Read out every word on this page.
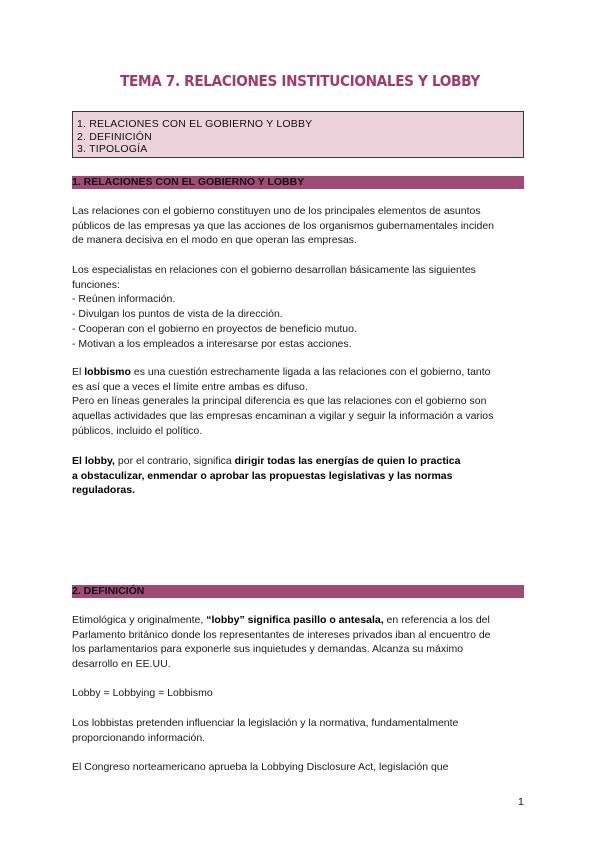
TEMA 7. RELACIONES INSTITUCIONALES Y LOBBY
1. RELACIONES CON EL GOBIERNO Y LOBBY
2. DEFINICIÓN
3. TIPOLOGÍA
1. RELACIONES CON EL GOBIERNO Y LOBBY
Las relaciones con el gobierno constituyen uno de los principales elementos de asuntos
públicos de las empresas ya que las acciones de los organismos gubernamentales inciden
de manera decisiva en el modo en que operan las empresas.
Los especialistas en relaciones con el gobierno desarrollan básicamente las siguientes
funciones:
- Reúnen información.
- Divulgan los puntos de vista de la dirección.
- Cooperan con el gobierno en proyectos de beneficio mutuo.
- Motivan a los empleados a interesarse por estas acciones.
El lobbismo es una cuestión estrechamente ligada a las relaciones con el gobierno, tanto
es así que a veces el límite entre ambas es difuso.
Pero en líneas generales la principal diferencia es que las relaciones con el gobierno son
aquellas actividades que las empresas encaminan a vigilar y seguir la información a varios
públicos, incluido el político.
El lobby, por el contrario, significa dirigir todas las energías de quien lo practica
a obstaculizar, enmendar o aprobar las propuestas legislativas y las normas
reguladoras.
2. DEFINICIÓN
Etimológica y originalmente, “lobby” significa pasillo o antesala, en referencia a los del
Parlamento británico donde los representantes de intereses privados iban al encuentro de
los parlamentarios para exponerle sus inquietudes y demandas. Alcanza su máximo
desarrollo en EE.UU.
Lobby = Lobbying = Lobbismo
Los lobbistas pretenden influenciar la legislación y la normativa, fundamentalmente
proporcionando información.
El Congreso norteamericano aprueba la Lobbying Disclosure Act, legislación que
1
